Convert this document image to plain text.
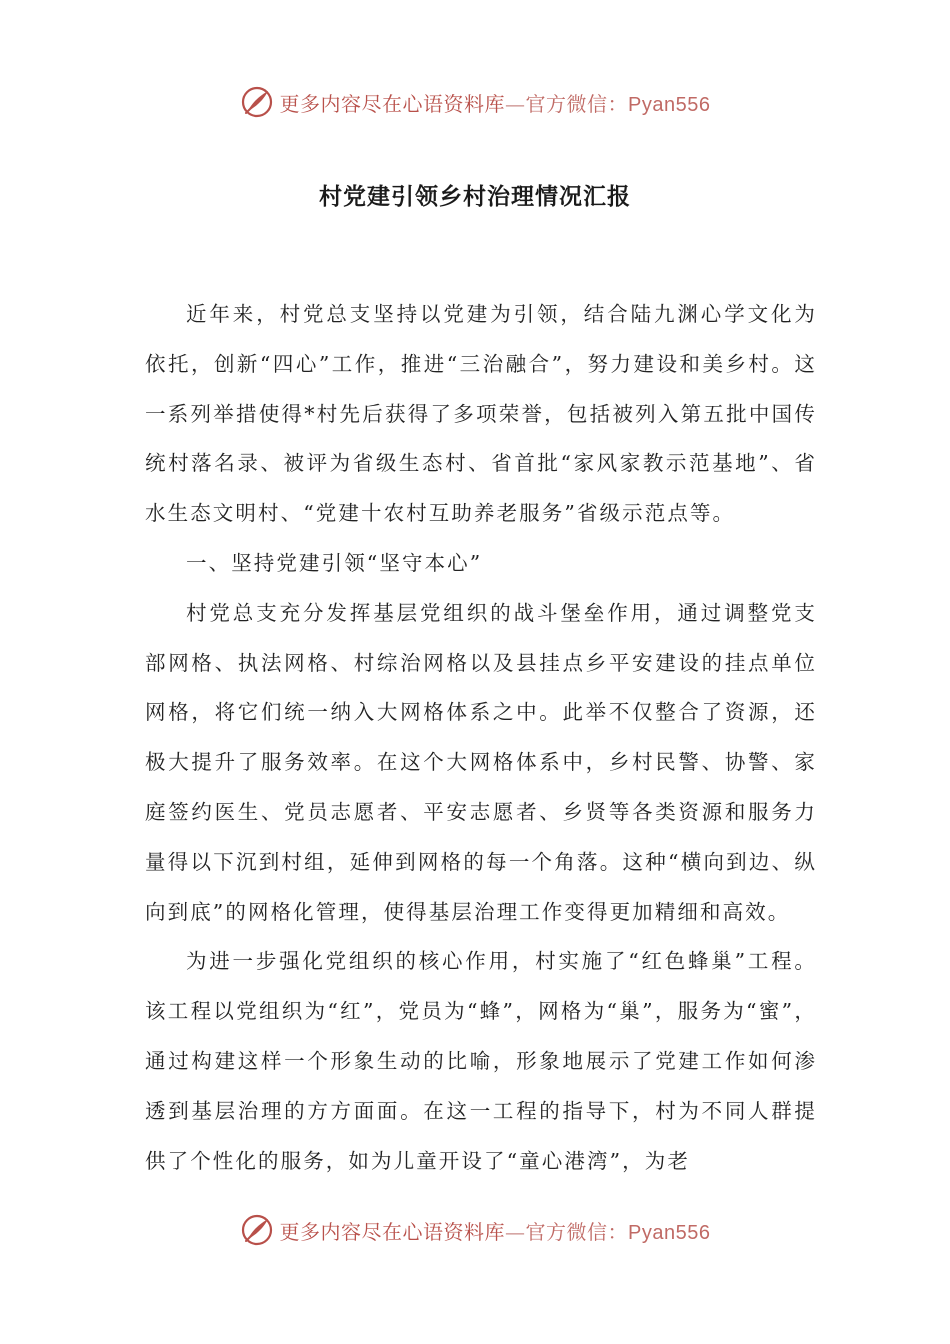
更多内容尽在心语资料库—官方微信：Pyan556
村党建引领乡村治理情况汇报

近年来，村党总支坚持以党建为引领，结合陆九渊心学文化为依托，创新“四心”工作，推进“三治融合”，努力建设和美乡村。这一系列举措使得*村先后获得了多项荣誉，包括被列入第五批中国传统村落名录、被评为省级生态村、省首批“家风家教示范基地”、省水生态文明村、“党建十农村互助养老服务”省级示范点等。

一、坚持党建引领“坚守本心”

村党总支充分发挥基层党组织的战斗堡垒作用，通过调整党支部网格、执法网格、村综治网格以及县挂点乡平安建设的挂点单位网格，将它们统一纳入大网格体系之中。此举不仅整合了资源，还极大提升了服务效率。在这个大网格体系中，乡村民警、协警、家庭签约医生、党员志愿者、平安志愿者、乡贤等各类资源和服务力量得以下沉到村组，延伸到网格的每一个角落。这种“横向到边、纵向到底”的网格化管理，使得基层治理工作变得更加精细和高效。

为进一步强化党组织的核心作用，村实施了“红色蜂巢”工程。该工程以党组织为“红”，党员为“蜂”，网格为“巢”，服务为“蜜”，通过构建这样一个形象生动的比喻，形象地展示了党建工作如何渗透到基层治理的方方面面。在这一工程的指导下，村为不同人群提供了个性化的服务，如为儿童开设了“童心港湾”，为老

更多内容尽在心语资料库—官方微信：Pyan556
